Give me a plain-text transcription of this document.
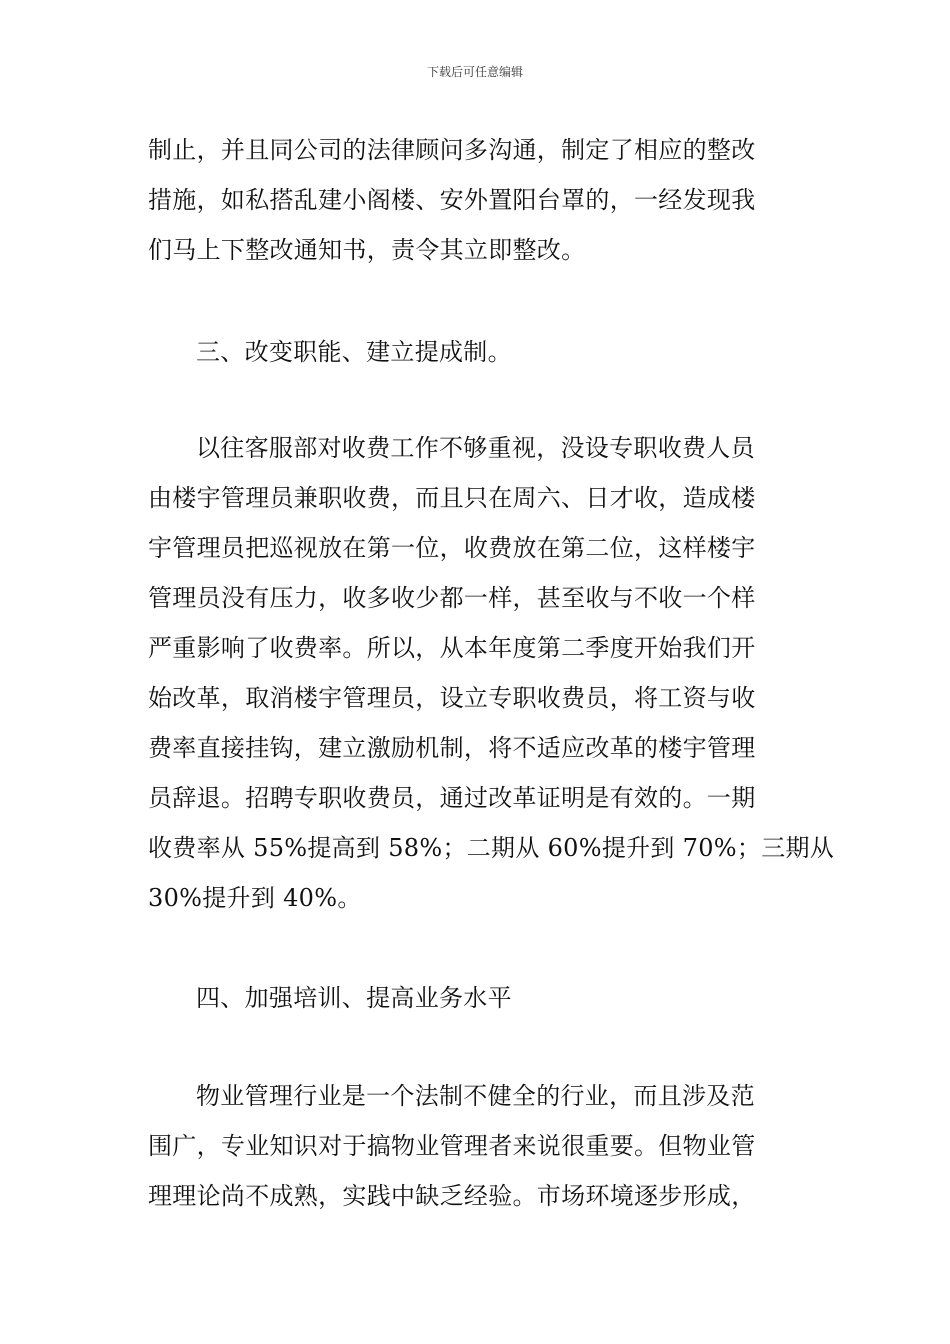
下载后可任意编辑
制止，并且同公司的法律顾问多沟通，制定了相应的整改
措施，如私搭乱建小阁楼、安外置阳台罩的，一经发现我
们马上下整改通知书，责令其立即整改。
三、改变职能、建立提成制。
以往客服部对收费工作不够重视，没设专职收费人员
由楼宇管理员兼职收费，而且只在周六、日才收，造成楼
宇管理员把巡视放在第一位，收费放在第二位，这样楼宇
管理员没有压力，收多收少都一样，甚至收与不收一个样
严重影响了收费率。所以，从本年度第二季度开始我们开
始改革，取消楼宇管理员，设立专职收费员，将工资与收
费率直接挂钩，建立激励机制，将不适应改革的楼宇管理
员辞退。招聘专职收费员，通过改革证明是有效的。一期
收费率从 55%提高到 58%；二期从 60%提升到 70%；三期从
30%提升到 40%。
四、加强培训、提高业务水平
物业管理行业是一个法制不健全的行业，而且涉及范
围广，专业知识对于搞物业管理者来说很重要。但物业管
理理论尚不成熟，实践中缺乏经验。市场环境逐步形成，
